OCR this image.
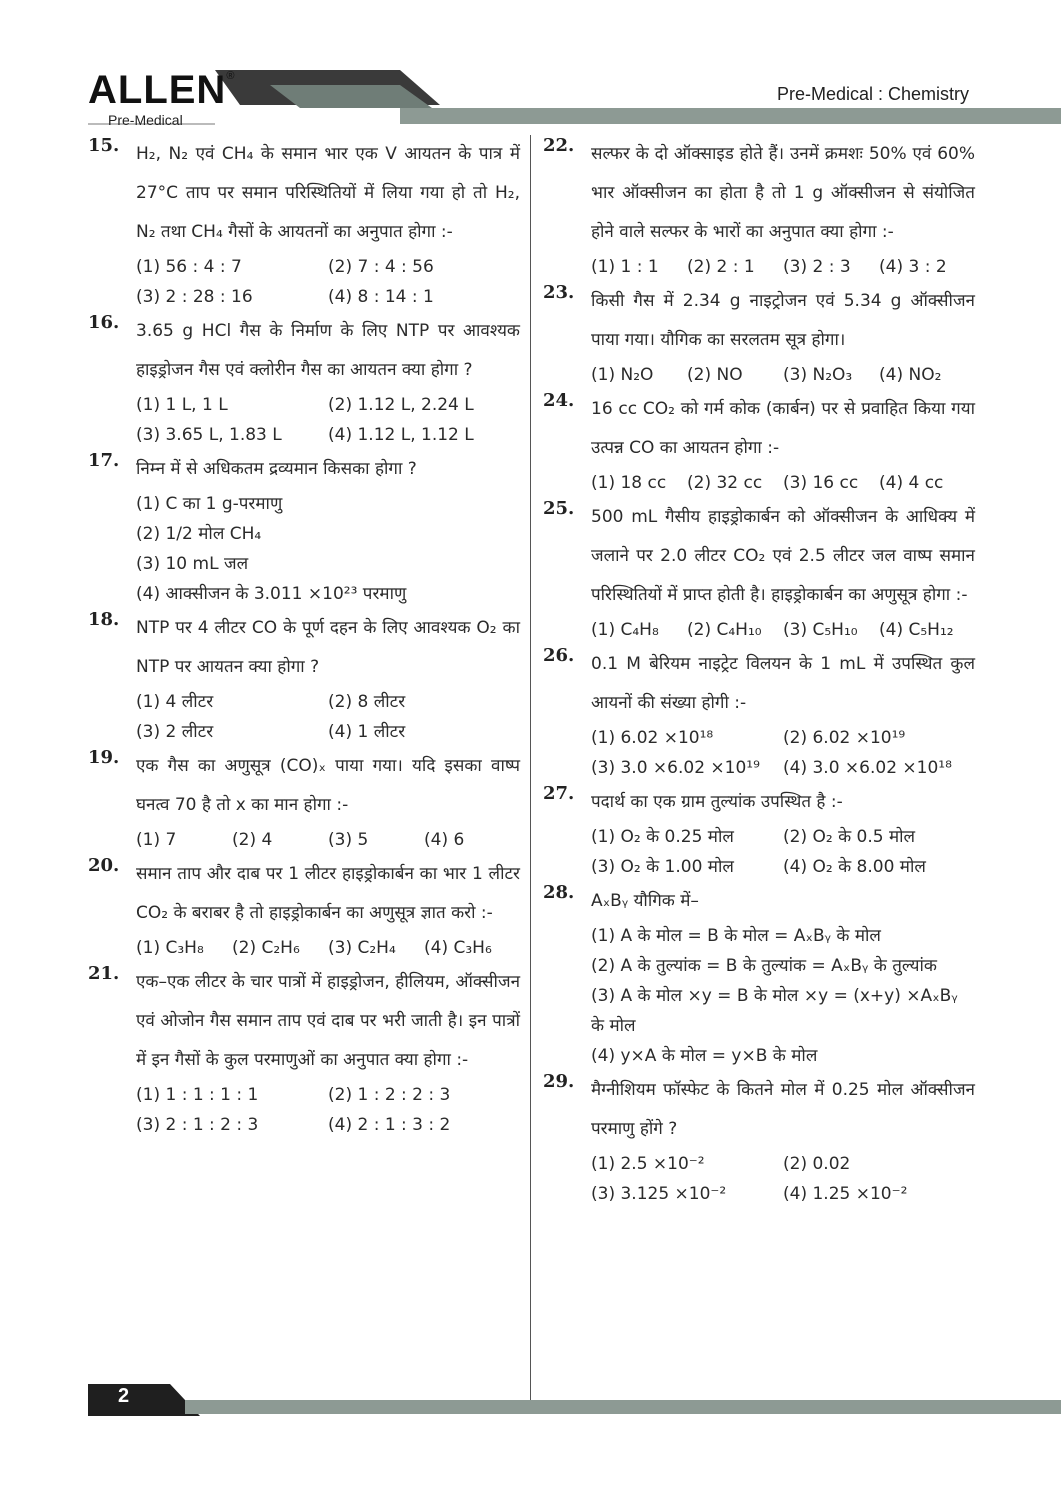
ALLEN®
Pre-Medical
Pre-Medical : Chemistry
15. H₂, N₂ एवं CH₄ के समान भार एक V आयतन के पात्र में 27°C ताप पर समान परिस्थितियों में लिया गया हो तो H₂, N₂ तथा CH₄ गैसों के आयतनों का अनुपात होगा :-
(1) 56 : 4 : 7	(2) 7 : 4 : 56
(3) 2 : 28 : 16	(4) 8 : 14 : 1
16. 3.65 g HCl गैस के निर्माण के लिए NTP पर आवश्यक हाइड्रोजन गैस एवं क्लोरीन गैस का आयतन क्या होगा ?
(1) 1 L, 1 L	(2) 1.12 L, 2.24 L
(3) 3.65 L, 1.83 L	(4) 1.12 L, 1.12 L
17. निम्न में से अधिकतम द्रव्यमान किसका होगा ?
(1) C का 1 g-परमाणु
(2) 1/2 मोल CH₄
(3) 10 mL जल
(4) आक्सीजन के 3.011 ×10²³ परमाणु
18. NTP पर 4 लीटर CO के पूर्ण दहन के लिए आवश्यक O₂ का NTP पर आयतन क्या होगा ?
(1) 4 लीटर	(2) 8 लीटर
(3) 2 लीटर	(4) 1 लीटर
19. एक गैस का अणुसूत्र (CO)ₓ पाया गया। यदि इसका वाष्प घनत्व 70 है तो x का मान होगा :-
(1) 7	(2) 4	(3) 5	(4) 6
20. समान ताप और दाब पर 1 लीटर हाइड्रोकार्बन का भार 1 लीटर CO₂ के बराबर है तो हाइड्रोकार्बन का अणुसूत्र ज्ञात करो :-
(1) C₃H₈	(2) C₂H₆	(3) C₂H₄	(4) C₃H₆
21. एक–एक लीटर के चार पात्रों में हाइड्रोजन, हीलियम, ऑक्सीजन एवं ओजोन गैस समान ताप एवं दाब पर भरी जाती है। इन पात्रों में इन गैसों के कुल परमाणुओं का अनुपात क्या होगा :-
(1) 1 : 1 : 1 : 1	(2) 1 : 2 : 2 : 3
(3) 2 : 1 : 2 : 3	(4) 2 : 1 : 3 : 2
22. सल्फर के दो ऑक्साइड होते हैं। उनमें क्रमशः 50% एवं 60% भार ऑक्सीजन का होता है तो 1 g ऑक्सीजन से संयोजित होने वाले सल्फर के भारों का अनुपात क्या होगा :-
(1) 1 : 1	(2) 2 : 1	(3) 2 : 3	(4) 3 : 2
23. किसी गैस में 2.34 g नाइट्रोजन एवं 5.34 g ऑक्सीजन पाया गया। यौगिक का सरलतम सूत्र होगा।
(1) N₂O	(2) NO	(3) N₂O₃	(4) NO₂
24. 16 cc CO₂ को गर्म कोक (कार्बन) पर से प्रवाहित किया गया उत्पन्न CO का आयतन होगा :-
(1) 18 cc	(2) 32 cc	(3) 16 cc	(4) 4 cc
25. 500 mL गैसीय हाइड्रोकार्बन को ऑक्सीजन के आधिक्य में जलाने पर 2.0 लीटर CO₂ एवं 2.5 लीटर जल वाष्प समान परिस्थितियों में प्राप्त होती है। हाइड्रोकार्बन का अणुसूत्र होगा :-
(1) C₄H₈	(2) C₄H₁₀	(3) C₅H₁₀	(4) C₅H₁₂
26. 0.1 M बेरियम नाइट्रेट विलयन के 1 mL में उपस्थित कुल आयनों की संख्या होगी :-
(1) 6.02 ×10¹⁸	(2) 6.02 ×10¹⁹
(3) 3.0 ×6.02 ×10¹⁹	(4) 3.0 ×6.02 ×10¹⁸
27. पदार्थ का एक ग्राम तुल्यांक उपस्थित है :-
(1) O₂ के 0.25 मोल	(2) O₂ के 0.5 मोल
(3) O₂ के 1.00 मोल	(4) O₂ के 8.00 मोल
28. AₓBᵧ यौगिक में–
(1) A के मोल = B के मोल = AₓBᵧ के मोल
(2) A के तुल्यांक = B के तुल्यांक = AₓBᵧ के तुल्यांक
(3) A के मोल ×y = B के मोल ×y = (x+y) ×AₓBᵧ के मोल
(4) y×A के मोल = y×B के मोल
29. मैग्नीशियम फॉस्फेट के कितने मोल में 0.25 मोल ऑक्सीजन परमाणु होंगे ?
(1) 2.5 ×10⁻²	(2) 0.02
(3) 3.125 ×10⁻²	(4) 1.25 ×10⁻²
2
